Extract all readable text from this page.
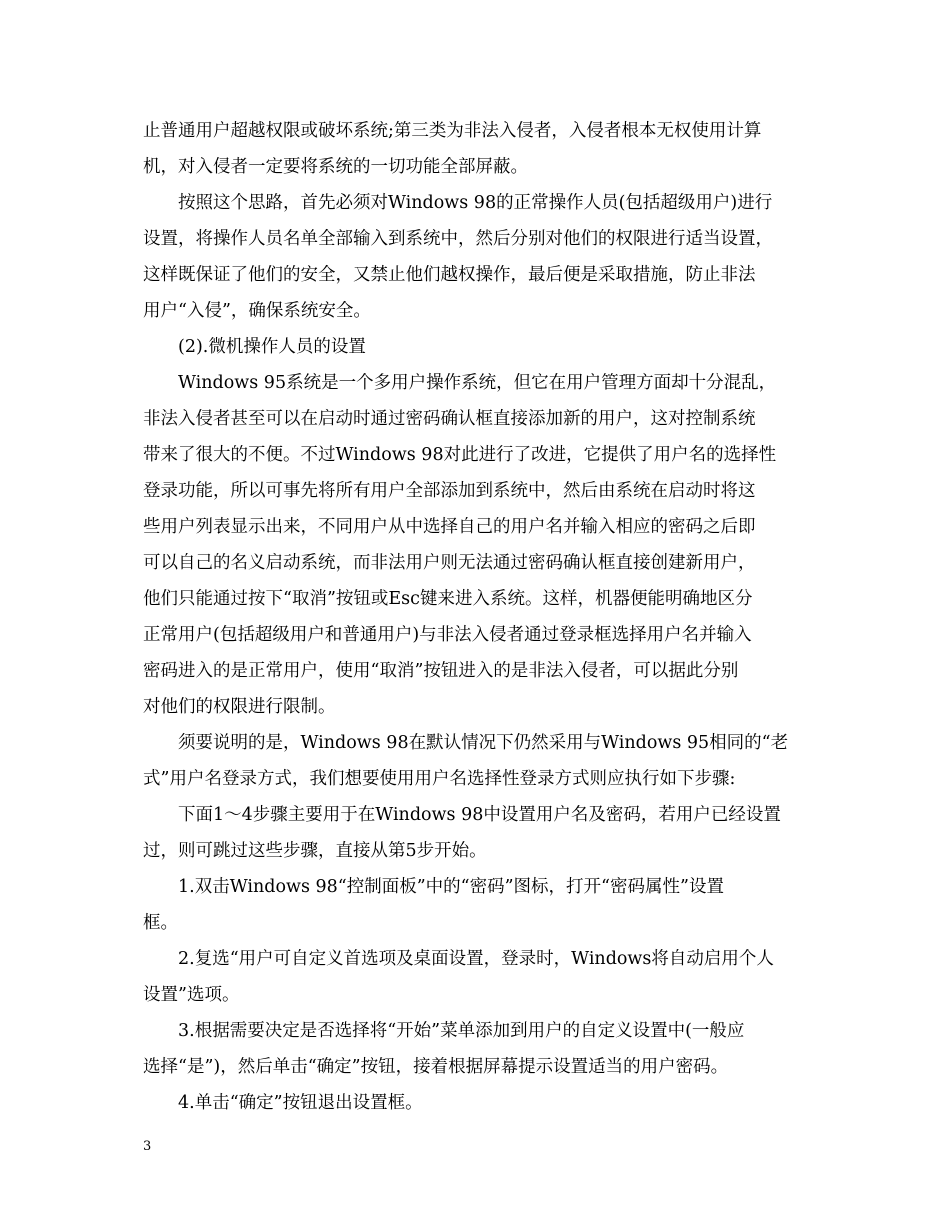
止普通用户超越权限或破坏系统;第三类为非法入侵者，入侵者根本无权使用计算
机，对入侵者一定要将系统的一切功能全部屏蔽。
按照这个思路，首先必须对Windows 98的正常操作人员(包括超级用户)进行
设置，将操作人员名单全部输入到系统中，然后分别对他们的权限进行适当设置，
这样既保证了他们的安全，又禁止他们越权操作，最后便是采取措施，防止非法
用户“入侵”，确保系统安全。
(2).微机操作人员的设置
Windows 95系统是一个多用户操作系统，但它在用户管理方面却十分混乱，
非法入侵者甚至可以在启动时通过密码确认框直接添加新的用户，这对控制系统
带来了很大的不便。不过Windows 98对此进行了改进，它提供了用户名的选择性
登录功能，所以可事先将所有用户全部添加到系统中，然后由系统在启动时将这
些用户列表显示出来，不同用户从中选择自己的用户名并输入相应的密码之后即
可以自己的名义启动系统，而非法用户则无法通过密码确认框直接创建新用户，
他们只能通过按下“取消”按钮或Esc键来进入系统。这样，机器便能明确地区分
正常用户(包括超级用户和普通用户)与非法入侵者通过登录框选择用户名并输入
密码进入的是正常用户，使用“取消”按钮进入的是非法入侵者，可以据此分别
对他们的权限进行限制。
须要说明的是，Windows 98在默认情况下仍然采用与Windows 95相同的“老
式”用户名登录方式，我们想要使用用户名选择性登录方式则应执行如下步骤:
下面1～4步骤主要用于在Windows 98中设置用户名及密码，若用户已经设置
过，则可跳过这些步骤，直接从第5步开始。
1.双击Windows 98“控制面板”中的“密码”图标，打开“密码属性”设置
框。
2.复选“用户可自定义首选项及桌面设置，登录时，Windows将自动启用个人
设置”选项。
3.根据需要决定是否选择将“开始”菜单添加到用户的自定义设置中(一般应
选择“是”)，然后单击“确定”按钮，接着根据屏幕提示设置适当的用户密码。
4.单击“确定”按钮退出设置框。
3
